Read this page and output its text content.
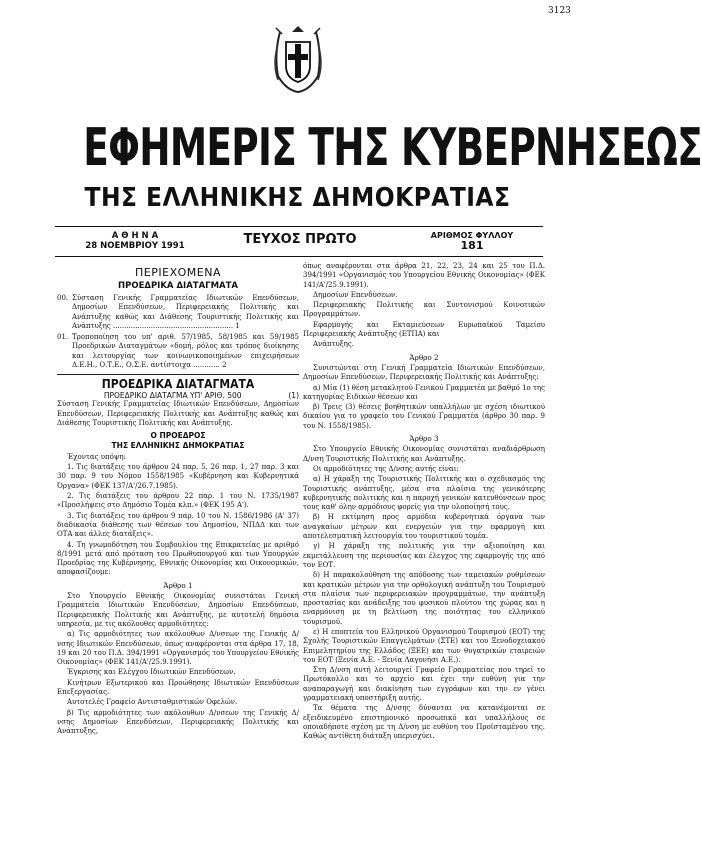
3123
ΕΦΗΜΕΡΙΣ ΤΗΣ ΚΥΒΕΡΝΗΣΕΩΣ
ΤΗΣ ΕΛΛΗΝΙΚΗΣ ΔΗΜΟΚΡΑΤΙΑΣ
Α Θ Η Ν Α
28 ΝΟΕΜΒΡΙΟΥ 1991	ΤΕΥΧΟΣ ΠΡΩΤΟ	ΑΡΙΘΜΟΣ ΦΥΛΛΟΥ
181
ΠΕΡΙΕΧΟΜΕΝΑ
ΠΡΟΕΔΡΙΚΑ ΔΙΑΤΑΓΜΑΤΑ
00. Σύσταση Γενικής Γραμματείας Ιδιωτικών Επενδύσεων, Δημοσίων Επενδύσεων, Περιφερειακής Πολιτικής και Ανάπτυξης καθώς και Διάθεσης Τουριστικής Πολιτικής και Ανάπτυξης ...................................................... 1
01. Τροποποίηση του υπ' αριθ. 57/1985, 58/1985 και 59/1985 Προεδρικών Διαταγμάτων «δομή, ρόλος και τρόπος διοίκησης και λειτουργίας των κοινωνικοποιημένων επιχειρήσεων Δ.Ε.Η., Ο.Τ.Ε., Ο.Σ.Ε. αντίστοιχα ............ 2
ΠΡΟΕΔΡΙΚΑ ΔΙΑΤΑΓΜΑΤΑ
ΠΡΟΕΔΡΙΚΟ ΔΙΑΤΑΓΜΑ ΥΠ' ΑΡΙΘ. 500	(1)

Σύσταση Γενικής Γραμματείας Ιδιωτικών Επενδύσεων, Δημοσίων Επενδύσεων, Περιφερειακής Πολιτικής και Ανάπτυξης καθώς και Διάθεσης Τουριστικής Πολιτικής και Ανάπτυξης.

Ο ΠΡΟΕΔΡΟΣ
ΤΗΣ ΕΛΛΗΝΙΚΗΣ ΔΗΜΟΚΡΑΤΙΑΣ

Έχοντας υπόψη:

1. Τις διατάξεις του άρθρου 24 παρ. 5, 26 παρ. 1, 27 παρ. 3 και 30 παρ. 9 του Νόμου 1558/1985 «Κυβέρνηση και Κυβερνητικά Όργανα» (ΦΕΚ 137/Α'/26.7.1985).

2. Τις διατάξεις του άρθρου 22 παρ. 1 του Ν. 1735/1987 «Προσλήψεις στο Δημόσιο Τομέα κλπ.» (ΦΕΚ 195 Α').

3. Τις διατάξεις του άρθρου 9 παρ. 10 του Ν. 1586/1986 (Α' 37) διαδικασία διάθεσης των θέσεων του Δημοσίου, ΝΠΔΔ και των ΟΤΑ και άλλες διατάξεις».

4. Τη γνωμοδότηση του Συμβουλίου της Επικρατείας με αριθμό 8/1991 μετά από πρόταση του Πρωθυπουργού και των Υπουργών Προεδρίας της Κυβέρνησης, Εθνικής Οικονομίας και Οικονομικών, αποφασίζουμε:

Άρθρο 1

Στο Υπουργείο Εθνικής Οικονομίας συνιστάται Γενική Γραμματεία Ιδιωτικών Επενδύσεων, Δημοσίων Επενδύσεων, Περιφερειακής Πολιτικής και Ανάπτυξης, με αυτοτελή δημόσια υπηρεσία, με τις ακόλουθες αρμοδιότητες:

α) Τις αρμοδιότητες των ακόλουθων Δ/νσεων της Γενικής Δ/νσης Ιδιωτικών Επενδύσεων, όπως αναφέρονται στα άρθρα 17, 18, 19 και 20 του Π.Δ. 394/1991 «Οργανισμός του Υπουργείου Εθνικής Οικονομίας» (ΦΕΚ 141/Α'/25.9.1991).

Έγκρισης και Ελέγχου Ιδιωτικών Επενδύσεων.

Κινήτρων Εξωτερικού και Προώθησης Ιδιωτικών Επενδύσεων Επεξεργασίας.

Αυτοτελές Γραφείο Αντισταθμιστικών Οφελών.

β) Τις αρμοδιότητες των ακόλουθων Δ/νσεων της Γενικής Δ/νσης Δημοσίων Επενδύσεων, Περιφερειακής Πολιτικής και Ανάπτυξης,

όπως αναφέρονται στα άρθρα 21, 22, 23, 24 και 25 του Π.Δ. 394/1991 «Οργανισμός του Υπουργείου Εθνικής Οικονομίας» (ΦΕΚ 141/Α'/25.9.1991).

Δημοσίων Επενδύσεων.

Περιφερειακής Πολιτικής και Συντονισμού Κοινοτικών Προγραμμάτων.

Εφαρμογής και Εκταμιεύσεων Ευρωπαϊκού Ταμείου Περιφερειακής Ανάπτυξης (ΕΤΠΑ) και

Ανάπτυξης.

Άρθρο 2

Συνιστώνται στη Γενική Γραμματεία Ιδιωτικών Επενδύσεων, Δημοσίων Επενδύσεων, Περιφερειακής Πολιτικής και Ανάπτυξης:

α) Μία (1) θέση μετακλητού Γενικού Γραμματέα με βαθμό 1ο της κατηγορίας Ειδικών θέσεων και

β) Τρεις (3) θέσεις βοηθητικών υπαλλήλων με σχέση ιδιωτικού δικαίου για το γραφείο του Γενικού Γραμματέα (άρθρο 30 παρ. 9 του Ν. 1558/1985).

Άρθρο 3

Στο Υπουργείο Εθνικής Οικονομίας συνιστάται αναδιάρθρωση Δ/νση Τουριστικής Πολιτικής και Ανάπτυξης.

Οι αρμοδιότητες της Δ/νσης αυτής είναι:

α) Η χάραξη της Τουριστικής Πολιτικής και ο σχεδιασμός της Τουριστικής ανάπτυξης, μέσα στα πλαίσια της γενικότερης κυβερνητικής πολιτικής και η παροχή γενικών κατευθύνσεων προς τους καθ' όλην αρμόδιους φορείς για την υλοποίησή τους.

β) Η εκτίμηση προς αρμόδια κυβερνητικά όργανα των αναγκαίων μέτρων και ενεργειών για την εφαρμογή και αποτελεσματική λειτουργία του τουριστικού τομέα.

γ) Η χάραξη της πολιτικής για την αξιοποίηση και εκμετάλλευση της περιουσίας και έλεγχος της εφαρμογής της από τον ΕΟΤ.

δ) Η παρακολούθηση της απόδοσης των ταμειακών ρυθμίσεων και κρατικών μέτρων για την ορθολογική ανάπτυξη του Τουρισμού στα πλαίσια των περιφερειακών προγραμμάτων, την ανάπτυξη προστασίας και ανάδειξης του φυσικού πλούτου της χώρας και η εναρμόνιση με τη βελτίωση της ποιότητας του ελληνικού τουρισμού.

ε) Η εποπτεία του Ελληνικού Οργανισμού Τουρισμού (ΕΟΤ) της Σχολής Τουριστικών Επαγγελμάτων (ΣΤΕ) και του Ξενοδοχειακού Επιμελητηρίου της Ελλάδος (ΞΕΕ) και των θυγατρικών εταιρειών του ΕΟΤ (Ξενία Α.Ε. - Ξενία Λαγονήσι Α.Ε.).

Στη Δ/νση αυτή λειτουργεί Γραφείο Γραμματείας που τηρεί το Πρωτόκολλο και το αρχείο και έχει την ευθύνη για την αναπαραγωγή και διακίνηση των εγγράφων και την εν γένει γραμματειακή υποστήριξη αυτής.

Τα θέματα της Δ/νσης δύνανται να κατανέμονται σε εξειδικευμένο επιστημονικό προσωπικό και υπαλλήλους σε οποιαδήποτε σχέση με τη Δ/νση με ευθύνη του Προϊσταμένου της. Καθώς αντίθετη διάταξη υπερισχύει.
